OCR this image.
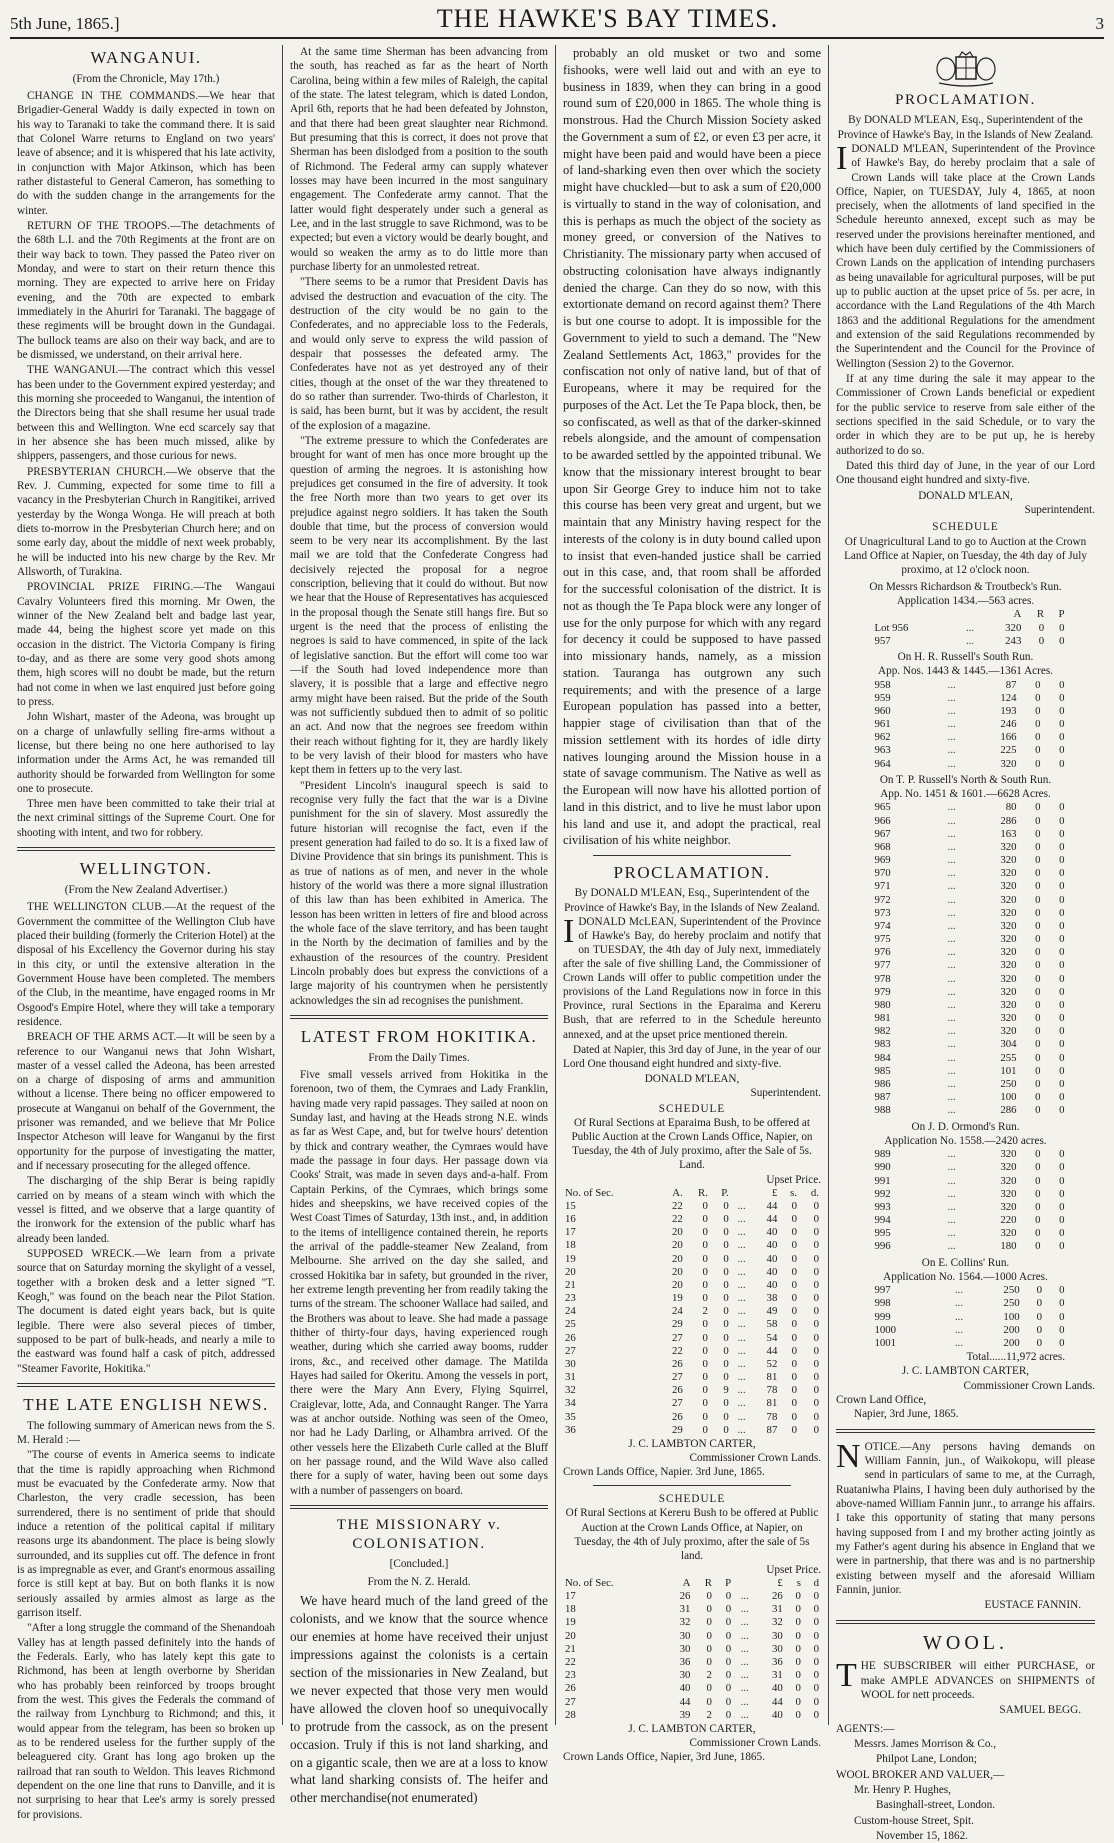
5th June, 1865.]	THE HAWKE'S BAY TIMES.	3
WANGANUI.
(From the Chronicle, May 17th.)

CHANGE IN THE COMMANDS.—We hear that Brigadier-General Waddy is daily expected in town on his way to Taranaki to take the command there. It is said that Colonel Warre returns to England on two years' leave of absence; and it is whispered that his late activity, in conjunction with Major Atkinson, which has been rather distasteful to General Cameron, has something to do with the sudden change in the arrangements for the winter.

RETURN OF THE TROOPS.—The detachments of the 68th L.I. and the 70th Regiments at the front are on their way back to town. They passed the Pateo river on Monday, and were to start on their return thence this morning. They are expected to arrive here on Friday evening, and the 70th are expected to embark immediately in the Ahuriri for Taranaki. The baggage of these regiments will be brought down in the Gundagai. The bullock teams are also on their way back, and are to be dismissed, we understand, on their arrival here.

THE WANGANUI.—The contract which this vessel has been under to the Government expired yesterday; and this morning she proceeded to Wanganui, the intention of the Directors being that she shall resume her usual trade between this and Wellington. Wne ecd scarcely say that in her absence she has been much missed, alike by shippers, passengers, and those curious for news.

PRESBYTERIAN CHURCH.—We observe that the Rev. J. Cumming, expected for some time to fill a vacancy in the Presbyterian Church in Rangitikei, arrived yesterday by the Wonga Wonga. He will preach at both diets to-morrow in the Presbyterian Church here; and on some early day, about the middle of next week probably, he will be inducted into his new charge by the Rev. Mr Allsworth, of Turakina.

PROVINCIAL PRIZE FIRING.—The Wangaui Cavalry Volunteers fired this morning. Mr Owen, the winner of the New Zealand belt and badge last year, made 44, being the highest score yet made on this occasion in the district. The Victoria Company is firing to-day, and as there are some very good shots among them, high scores will no doubt be made, but the return had not come in when we last enquired just before going to press.

John Wishart, master of the Adeona, was brought up on a charge of unlawfully selling fire-arms without a license, but there being no one here authorised to lay information under the Arms Act, he was remanded till authority should be forwarded from Wellington for some one to prosecute.

Three men have been committed to take their trial at the next criminal sittings of the Supreme Court. One for shooting with intent, and two for robbery.

WELLINGTON.
(From the New Zealand Advertiser.)

THE WELLINGTON CLUB.—At the request of the Government the committee of the Wellington Club have placed their building (formerly the Criterion Hotel) at the disposal of his Excellency the Governor during his stay in this city, or until the extensive alteration in the Government House have been completed. The members of the Club, in the meantime, have engaged rooms in Mr Osgood's Empire Hotel, where they will take a temporary residence.

BREACH OF THE ARMS ACT.—It will be seen by a reference to our Wanganui news that John Wishart, master of a vessel called the Adeona, has been arrested on a charge of disposing of arms and ammunition without a license. There being no officer empowered to prosecute at Wanganui on behalf of the Government, the prisoner was remanded, and we believe that Mr Police Inspector Atcheson will leave for Wanganui by the first opportunity for the purpose of investigating the matter, and if necessary prosecuting for the alleged offence.

The discharging of the ship Berar is being rapidly carried on by means of a steam winch with which the vessel is fitted, and we observe that a large quantity of the ironwork for the extension of the public wharf has already been landed.

SUPPOSED WRECK.—We learn from a private source that on Saturday morning the skylight of a vessel, together with a broken desk and a letter signed "T. Keogh," was found on the beach near the Pilot Station. The document is dated eight years back, but is quite legible. There were also several pieces of timber, supposed to be part of bulk-heads, and nearly a mile to the eastward was found half a cask of pitch, addressed "Steamer Favorite, Hokitika."

THE LATE ENGLISH NEWS.

The following summary of American news from the S. M. Herald :—

"The course of events in America seems to indicate that the time is rapidly approaching when Richmond must be evacuated by the Confederate army. Now that Charleston, the very cradle secession, has been surrendered, there is no sentiment of pride that should induce a retention of the political capital if military reasons urge its abandonment. The place is being slowly surrounded, and its supplies cut off. The defence in front is as impregnable as ever, and Grant's enormous assailing force is still kept at bay. But on both flanks it is now seriously assailed by armies almost as large as the garrison itself.

"After a long struggle the command of the Shenandoah Valley has at length passed definitely into the hands of the Federals. Early, who has lately kept this gate to Richmond, has been at length overborne by Sheridan who has probably been reinforced by troops brought from the west. This gives the Federals the command of the railway from Lynchburg to Richmond; and this, it would appear from the telegram, has been so broken up as to be rendered useless for the further supply of the beleaguered city. Grant has long ago broken up the railroad that ran south to Weldon. This leaves Richmond dependent on the one line that runs to Danville, and it is not surprising to hear that Lee's army is sorely pressed for provisions.

At the same time Sherman has been advancing from the south, has reached as far as the heart of North Carolina, being within a few miles of Raleigh, the capital of the state. The latest telegram, which is dated London, April 6th, reports that he had been defeated by Johnston, and that there had been great slaughter near Richmond. But presuming that this is correct, it does not prove that Sherman has been dislodged from a position to the south of Richmond. The Federal army can supply whatever losses may have been incurred in the most sanguinary engagement. The Confederate army cannot. That the latter would fight desperately under such a general as Lee, and in the last struggle to save Richmond, was to be expected; but even a victory would be dearly bought, and would so weaken the army as to do little more than purchase liberty for an unmolested retreat.

"There seems to be a rumor that President Davis has advised the destruction and evacuation of the city. The destruction of the city would be no gain to the Confederates, and no appreciable loss to the Federals, and would only serve to express the wild passion of despair that possesses the defeated army. The Confederates have not as yet destroyed any of their cities, though at the onset of the war they threatened to do so rather than surrender. Two-thirds of Charleston, it is said, has been burnt, but it was by accident, the result of the explosion of a magazine.

"The extreme pressure to which the Confederates are brought for want of men has once more brought up the question of arming the negroes. It is astonishing how prejudices get consumed in the fire of adversity. It took the free North more than two years to get over its prejudice against negro soldiers. It has taken the South double that time, but the process of conversion would seem to be very near its accomplishment. By the last mail we are told that the Confederate Congress had decisively rejected the proposal for a negroe conscription, believing that it could do without. But now we hear that the House of Representatives has acquiesced in the proposal though the Senate still hangs fire. But so urgent is the need that the process of enlisting the negroes is said to have commenced, in spite of the lack of legislative sanction. But the effort will come too war—if the South had loved independence more than slavery, it is possible that a large and effective negro army might have been raised. But the pride of the South was not sufficiently subdued then to admit of so politic an act. And now that the negroes see freedom within their reach without fighting for it, they are hardly likely to be very lavish of their blood for masters who have kept them in fetters up to the very last.

"President Lincoln's inaugural speech is said to recognise very fully the fact that the war is a Divine punishment for the sin of slavery. Most assuredly the future historian will recognise the fact, even if the present generation had failed to do so. It is a fixed law of Divine Providence that sin brings its punishment. This is as true of nations as of men, and never in the whole history of the world was there a more signal illustration of this law than has been exhibited in America. The lesson has been written in letters of fire and blood across the whole face of the slave territory, and has been taught in the North by the decimation of families and by the exhaustion of the resources of the country. President Lincoln probably does but express the convictions of a large majority of his countrymen when he persistently acknowledges the sin ad recognises the punishment.

LATEST FROM HOKITIKA.
From the Daily Times.

Five small vessels arrived from Hokitika in the forenoon, two of them, the Cymraes and Lady Franklin, having made very rapid passages. They sailed at noon on Sunday last, and having at the Heads strong N.E. winds as far as West Cape, and, but for twelve hours' detention by thick and contrary weather, the Cymraes would have made the passage in four days. Her passage down via Cooks' Strait, was made in seven days and-a-half. From Captain Perkins, of the Cymraes, which brings some hides and sheepskins, we have received copies of the West Coast Times of Saturday, 13th inst., and, in addition to the items of intelligence contained therein, he reports the arrival of the paddle-steamer New Zealand, from Melbourne. She arrived on the day she sailed, and crossed Hokitika bar in safety, but grounded in the river, her extreme length preventing her from readily taking the turns of the stream. The schooner Wallace had sailed, and the Brothers was about to leave. She had made a passage thither of thirty-four days, having experienced rough weather, during which she carried away booms, rudder irons, &c., and received other damage. The Matilda Hayes had sailed for Okeritu. Among the vessels in port, there were the Mary Ann Every, Flying Squirrel, Craiglevar, lotte, Ada, and Connaught Ranger. The Yarra was at anchor outside. Nothing was seen of the Omeo, nor had he Lady Darling, or Alhambra arrived. Of the other vessels here the Elizabeth Curle called at the Bluff on her passage round, and the Wild Wave also called there for a suply of water, having been out some days with a number of passengers on board.

THE MISSIONARY v. COLONISATION.
[Concluded.]
From the N. Z. Herald.

We have heard much of the land greed of the colonists, and we know that the source whence our enemies at home have received their unjust impressions against the colonists is a certain section of the missionaries in New Zealand, but we never expected that those very men would have allowed the cloven hoof so unequivocally to protrude from the cassock, as on the present occasion. Truly if this is not land sharking, and on a gigantic scale, then we are at a loss to know what land sharking consists of. The heifer and other merchandise(not enumerated)

probably an old musket or two and some fishooks, were well laid out and with an eye to business in 1839, when they can bring in a good round sum of £20,000 in 1865. The whole thing is monstrous. Had the Church Mission Society asked the Government a sum of £2, or even £3 per acre, it might have been paid and would have been a piece of land-sharking even then over which the society might have chuckled—but to ask a sum of £20,000 is virtually to stand in the way of colonisation, and this is perhaps as much the object of the society as money greed, or conversion of the Natives to Christianity. The missionary party when accused of obstructing colonisation have always indignantly denied the charge. Can they do so now, with this extortionate demand on record against them? There is but one course to adopt. It is impossible for the Government to yield to such a demand. The "New Zealand Settlements Act, 1863," provides for the confiscation not only of native land, but of that of Europeans, where it may be required for the purposes of the Act. Let the Te Papa block, then, be so confiscated, as well as that of the darker-skinned rebels alongside, and the amount of compensation to be awarded settled by the appointed tribunal. We know that the missionary interest brought to bear upon Sir George Grey to induce him not to take this course has been very great and urgent, but we maintain that any Ministry having respect for the interests of the colony is in duty bound called upon to insist that even-handed justice shall be carried out in this case, and, that room shall be afforded for the successful colonisation of the district. It is not as though the Te Papa block were any longer of use for the only purpose for which with any regard for decency it could be supposed to have passed into missionary hands, namely, as a mission station. Tauranga has outgrown any such requirements; and with the presence of a large European population has passed into a better, happier stage of civilisation than that of the mission settlement with its hordes of idle dirty natives lounging around the Mission house in a state of savage communism. The Native as well as the European will now have his allotted portion of land in this district, and to live he must labor upon his land and use it, and adopt the practical, real civilisation of his white neighbor.

PROCLAMATION.
By DONALD M'LEAN, Esq., Superintendent of the Province of Hawke's Bay, in the Islands of New Zealand.

IDONALD McLEAN, Superintendent of the Province of Hawke's Bay, do hereby proclaim and notify that on TUESDAY, the 4th day of July next, immediately after the sale of five shilling Land, the Commissioner of Crown Lands will offer to public competition under the provisions of the Land Regulations now in force in this Province, rural Sections in the Eparaima and Kereru Bush, that are referred to in the Schedule hereunto annexed, and at the upset price mentioned therein.

Dated at Napier, this 3rd day of June, in the year of our Lord One thousand eight hundred and sixty-five.

DONALD M'LEAN,
Superintendent.
SCHEDULE
Of Rural Sections at Eparaima Bush, to be offered at Public Auction at the Crown Lands Office, Napier, on Tuesday, the 4th of July proximo, after the Sale of 5s. Land.
Upset Price.
No. of Sec.	A.	R.	P.		£	s.	d.
15	22	0	0	...	44	0	0
16	22	0	0	...	44	0	0
17	20	0	0	...	40	0	0
18	20	0	0	...	40	0	0
19	20	0	0	...	40	0	0
20	20	0	0	...	40	0	0
21	20	0	0	...	40	0	0
23	19	0	0	...	38	0	0
24	24	2	0	...	49	0	0
25	29	0	0	...	58	0	0
26	27	0	0	...	54	0	0
27	22	0	0	...	44	0	0
30	26	0	0	...	52	0	0
31	27	0	0	...	81	0	0
32	26	0	9	...	78	0	0
34	27	0	0	...	81	0	0
35	26	0	0	...	78	0	0
36	29	0	0	...	87	0	0
J. C. LAMBTON CARTER,
Commissioner Crown Lands.
Crown Lands Office, Napier. 3rd June, 1865.
SCHEDULE
Of Rural Sections at Kereru Bush to be offered at Public Auction at the Crown Lands Office, at Napier, on Tuesday, the 4th of July proximo, after the sale of 5s land.
Upset Price.
No. of Sec.	A	R	P		£	s	d
17	26	0	0	...	26	0	0
18	31	0	0	...	31	0	0
19	32	0	0	...	32	0	0
20	30	0	0	...	30	0	0
21	30	0	0	...	30	0	0
22	36	0	0	...	36	0	0
23	30	2	0	...	31	0	0
26	40	0	0	...	40	0	0
27	44	0	0	...	44	0	0
28	39	2	0	...	40	0	0
J. C. LAMBTON CARTER,
Commissioner Crown Lands.
Crown Lands Office, Napier, 3rd June, 1865.
PROCLAMATION.
By DONALD M'LEAN, Esq., Superintendent of the Province of Hawke's Bay, in the Islands of New Zealand.

IDONALD M'LEAN, Superintendent of the Province of Hawke's Bay, do hereby proclaim that a sale of Crown Lands will take place at the Crown Lands Office, Napier, on TUESDAY, July 4, 1865, at noon precisely, when the allotments of land specified in the Schedule hereunto annexed, except such as may be reserved under the provisions hereinafter mentioned, and which have been duly certified by the Commissioners of Crown Lands on the application of intending purchasers as being unavailable for agricultural purposes, will be put up to public auction at the upset price of 5s. per acre, in accordance with the Land Regulations of the 4th March 1863 and the additional Regulations for the amendment and extension of the said Regulations recommended by the Superintendent and the Council for the Province of Wellington (Session 2) to the Governor.

If at any time during the sale it may appear to the Commissioner of Crown Lands beneficial or expedient for the public service to reserve from sale either of the sections specified in the said Schedule, or to vary the order in which they are to be put up, he is hereby authorized to do so.

Dated this third day of June, in the year of our Lord One thousand eight hundred and sixty-five.

DONALD M'LEAN,
Superintendent.
SCHEDULE
Of Unagricultural Land to go to Auction at the Crown Land Office at Napier, on Tuesday, the 4th day of July proximo, at 12 o'clock noon.
On Messrs Richardson & Troutbeck's Run.
Application 1434.—563 acres.
		A	R	P
Lot 956	...	320	0	0
957	...	243	0	0
On H. R. Russell's South Run.
App. Nos. 1443 & 1445.—1361 Acres.
958	...	87	0	0
959	...	124	0	0
960	...	193	0	0
961	...	246	0	0
962	...	166	0	0
963	...	225	0	0
964	...	320	0	0
On T. P. Russell's North & South Run.
App. No. 1451 & 1601.—6628 Acres.
965	...	80	0	0
966	...	286	0	0
967	...	163	0	0
968	...	320	0	0
969	...	320	0	0
970	...	320	0	0
971	...	320	0	0
972	...	320	0	0
973	...	320	0	0
974	...	320	0	0
975	...	320	0	0
976	...	320	0	0
977	...	320	0	0
978	...	320	0	0
979	...	320	0	0
980	...	320	0	0
981	...	320	0	0
982	...	320	0	0
983	...	304	0	0
984	...	255	0	0
985	...	101	0	0
986	...	250	0	0
987	...	100	0	0
988	...	286	0	0
On J. D. Ormond's Run.
Application No. 1558.—2420 acres.
989	...	320	0	0
990	...	320	0	0
991	...	320	0	0
992	...	320	0	0
993	...	320	0	0
994	...	220	0	0
995	...	320	0	0
996	...	180	0	0
On E. Collins' Run.
Application No. 1564.—1000 Acres.
997	...	250	0	0
998	...	250	0	0
999	...	100	0	0
1000	...	200	0	0
1001	...	200	0	0
Total......11,972 acres.
J. C. LAMBTON CARTER,
Commissioner Crown Lands.
Crown Land Office,
Napier, 3rd June, 1865.

NOTICE.—Any persons having demands on William Fannin, jun., of Waikokopu, will please send in particulars of same to me, at the Curragh, Ruataniwha Plains, I having been duly authorised by the above-named William Fannin junr., to arrange his affairs. I take this opportunity of stating that many persons having supposed from I and my brother acting jointly as my Father's agent during his absence in England that we were in partnership, that there was and is no partnership existing between myself and the aforesaid William Fannin, junior.

EUSTACE FANNIN.
WOOL.

THE SUBSCRIBER will either PURCHASE, or make AMPLE ADVANCES on SHIPMENTS of WOOL for nett proceeds.

SAMUEL BEGG.

AGENTS:—

Messrs. James Morrison & Co.,

Philpot Lane, London;

WOOL BROKER AND VALUER,—

Mr. Henry P. Hughes,

Basinghall-street, London.

Custom-house Street, Spit.

November 15, 1862.
